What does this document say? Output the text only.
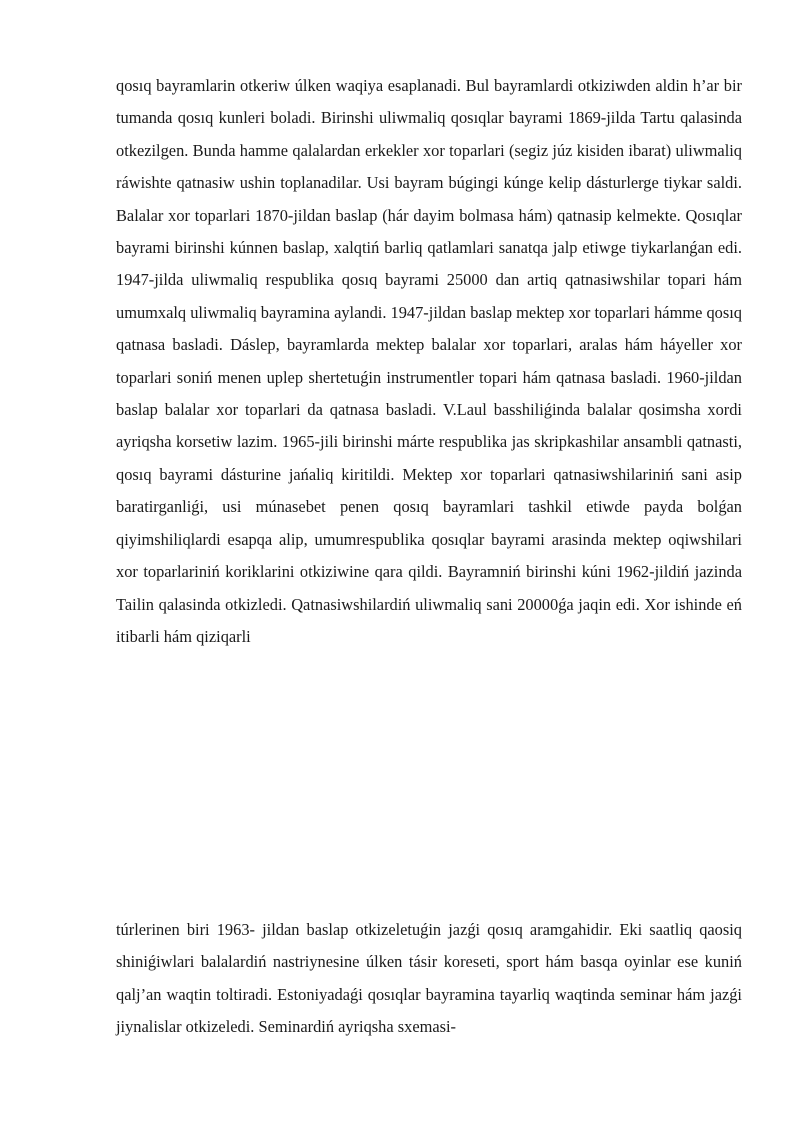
qosıq bayramlarin otkeriw úlken waqiya esaplanadi. Bul bayramlardi otkiziwden aldin h’ar bir tumanda qosıq kunleri boladi. Birinshi uliwmaliq qosıqlar bayrami 1869-jilda Tartu qalasinda otkezilgen. Bunda hamme qalalardan erkekler xor toparlari (segiz júz kisiden ibarat) uliwmaliq ráwishte qatnasiw ushin toplanadilar. Usi bayram búgingi kúnge kelip dásturlerge tiykar saldi. Balalar xor toparlari 1870-jildan baslap (hár dayim bolmasa hám) qatnasip kelmekte. Qosıqlar bayrami birinshi kúnnen baslap, xalqtiń barliq qatlamlari sanatqa jalp etiwge tiykarlanǵan edi. 1947-jilda uliwmaliq respublika qosıq bayrami 25000 dan artiq qatnasiwshilar topari hám umumxalq uliwmaliq bayramina aylandi. 1947-jildan baslap mektep xor toparlari hámme qosıq qatnasa basladi. Dáslep, bayramlarda mektep balalar xor toparlari, aralas hám háyeller xor toparlari soniń menen uplep shertetuǵin instrumentler topari hám qatnasa basladi. 1960-jildan baslap balalar xor toparlari da qatnasa basladi. V.Laul basshiliǵinda balalar qosimsha xordi ayriqsha korsetiw lazim. 1965-jili birinshi márte respublika jas skripkashilar ansambli qatnasti, qosıq bayrami dásturine jańaliq kiritildi. Mektep xor toparlari qatnasiwshilariniń sani asip baratirganliǵi, usi múnasebet penen qosıq bayramlari tashkil etiwde payda bolǵan qiyimshiliqlardi esapqa alip, umumrespublika qosıqlar bayrami arasinda mektep oqiwshilari xor toparlariniń koriklarini otkiziwine qara qildi. Bayramniń birinshi kúni 1962-jildiń jazinda Tailin qalasinda otkizledi. Qatnasiwshilardiń uliwmaliq sani 20000ǵa jaqin edi. Xor ishinde eń itibarli hám qiziqarli

túrlerinen biri 1963- jildan baslap otkizeletuǵin jazǵi qosıq aramgahidir. Eki saatliq qaosiq shiniǵiwlari balalardiń nastriynesine úlken tásir koreseti, sport hám basqa oyinlar ese kuniń qalj’an waqtin toltiradi. Estoniyadaǵi qosıqlar bayramina tayarliq waqtinda seminar hám jazǵi jiynalislar otkizeledi. Seminardiń ayriqsha sxemasi-
